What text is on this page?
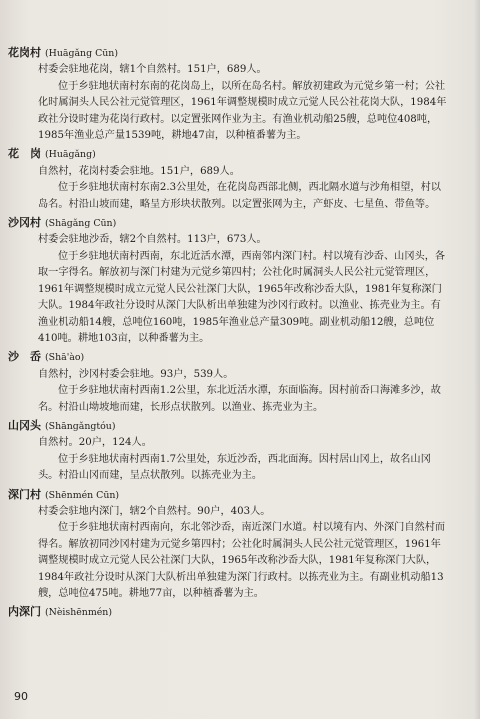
花岗村 (Huāgǎng Cūn)

村委会驻地花岗，辖1个自然村。151户，689人。

位于乡驻地状南村东南的花岗岛上，以所在岛名村。解放初建政为元觉乡第一村；公社化时属洞头人民公社元觉管理区，1961年调整规模时成立元觉人民公社花岗大队，1984年政社分设时建为花岗行政村。以定置张网作业为主。有渔业机动船25艘，总吨位408吨，1985年渔业总产量1539吨，耕地47亩，以种植番薯为主。

花　岗 (Huāgǎng)

自然村，花岗村委会驻地。151户，689人。

位于乡驻地状南村东南2.3公里处，在花岗岛西部北侧，西北隔水道与沙角相望，村以岛名。村沿山坡而建，略呈方形块状散列。以定置张网为主，产虾皮、七星鱼、带鱼等。

沙冈村 (Shāgǎng Cūn)

村委会驻地沙岙，辖2个自然村。113户，673人。

位于乡驻地状南村西南，东北近活水潭，西南邻内深门村。村以境有沙岙、山冈头，各取一字得名。解放初与深门村建为元觉乡第四村；公社化时属洞头人民公社元觉管理区，1961年调整规模时成立元觉人民公社深门大队，1965年改称沙岙大队，1981年复称深门大队。1984年政社分设时从深门大队析出单独建为沙冈行政村。以渔业、拣壳业为主。有渔业机动船14艘，总吨位160吨，1985年渔业总产量309吨。副业机动船12艘，总吨位410吨。耕地103亩，以种番薯为主。

沙　岙 (Shā'ào)

自然村，沙冈村委会驻地。93户，539人。

位于乡驻地状南村西南1.2公里，东北近活水潭，东面临海。因村前岙口海滩多沙，故名。村沿山坳坡地而建，长形点状散列。以渔业、拣壳业为主。

山冈头 (Shāngǎngtóu)

自然村。20户，124人。

位于乡驻地状南村西南1.7公里处，东近沙岙，西北面海。因村居山冈上，故名山冈头。村沿山冈而建，呈点状散列。以拣壳业为主。

深门村 (Shēnmén Cūn)

村委会驻地内深门，辖2个自然村。90户，403人。

位于乡驻地状南村西南向，东北邻沙岙，南近深门水道。村以境有内、外深门自然村而得名。解放初同沙冈村建为元觉乡第四村；公社化时属洞头人民公社元觉管理区，1961年调整规模时成立元觉人民公社深门大队，1965年改称沙岙大队，1981年复称深门大队，1984年政社分设时从深门大队析出单独建为深门行政村。以拣壳业为主。有副业机动船13艘，总吨位475吨。耕地77亩，以种植番薯为主。

内深门 (Nèishēnmén)
90
